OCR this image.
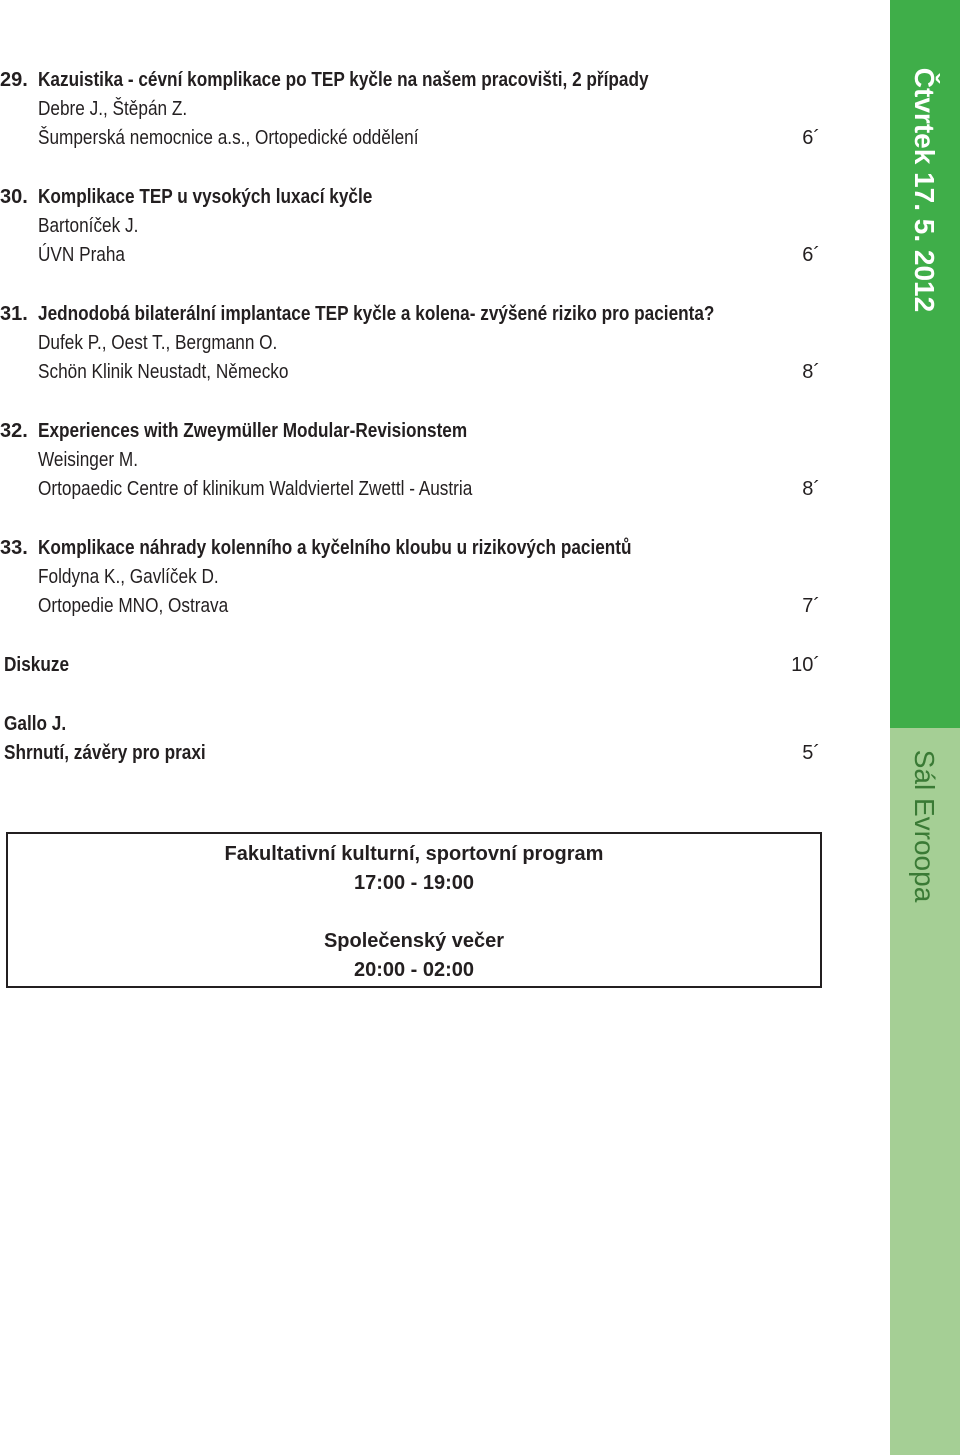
29. Kazuistika - cévní komplikace po TEP kyčle na našem pracovišti, 2 případy
Debre J., Štěpán Z.
Šumperská nemocnice a.s., Ortopedické oddělení	6´
30. Komplikace TEP u vysokých luxací kyčle
Bartoníček J.
ÚVN Praha	6´
31. Jednodobá bilaterální implantace TEP kyčle a kolena- zvýšené riziko pro pacienta?
Dufek P., Oest T., Bergmann O.
Schön Klinik Neustadt, Německo	8´
32. Experiences with Zweymüller Modular-Revisionstem
Weisinger M.
Ortopaedic Centre of klinikum Waldviertel Zwettl - Austria	8´
33. Komplikace náhrady kolenního a kyčelního kloubu u rizikových pacientů
Foldyna K., Gavlíček D.
Ortopedie MNO, Ostrava	7´
Diskuze	10´
Gallo J.
Shrnutí, závěry pro praxi	5´
Fakultativní kulturní, sportovní program
17:00 - 19:00
Společenský večer
20:00 - 02:00
Čtvrtek 17. 5. 2012
Sál Evroopa
